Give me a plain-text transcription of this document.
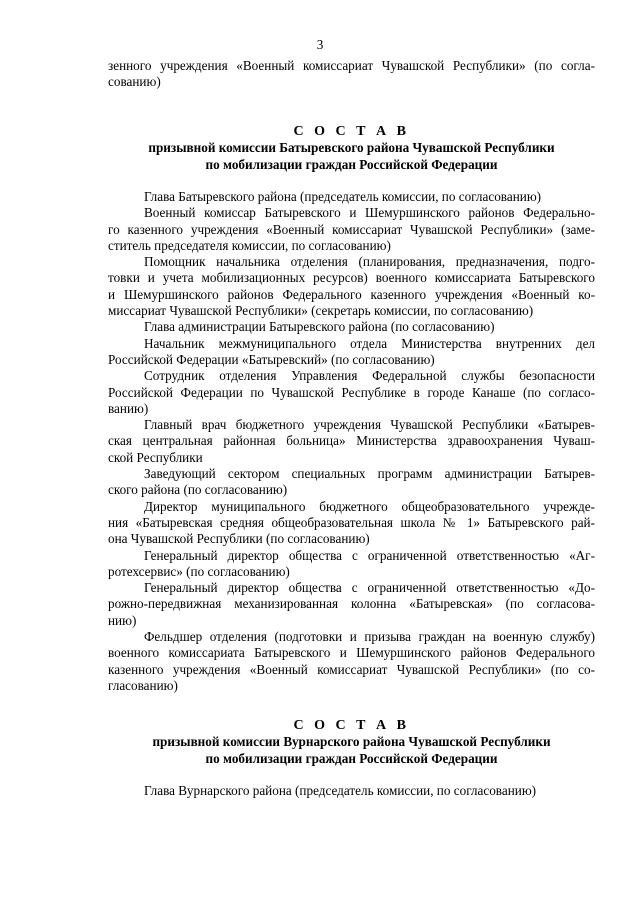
3
зенного учреждения «Военный комиссариат Чувашской Республики» (по согла-
сованию)
С О С Т А В
призывной комиссии Батыревского района Чувашской Республики
по мобилизации граждан Российской Федерации
Глава Батыревского района (председатель комиссии, по согласованию)
Военный комиссар Батыревского и Шемуршинского районов Федерально-
го казенного учреждения «Военный комиссариат Чувашской Республики» (заме-
ститель председателя комиссии, по согласованию)
Помощник начальника отделения (планирования, предназначения, подго-
товки и учета мобилизационных ресурсов) военного комиссариата Батыревского
и Шемуршинского районов Федерального казенного учреждения «Военный ко-
миссариат Чувашской Республики» (секретарь комиссии, по согласованию)
Глава администрации Батыревского района (по согласованию)
Начальник межмуниципального отдела Министерства внутренних дел
Российской Федерации «Батыревский» (по согласованию)
Сотрудник отделения Управления Федеральной службы безопасности
Российской Федерации по Чувашской Республике в городе Канаше (по согласо-
ванию)
Главный врач бюджетного учреждения Чувашской Республики «Батырев-
ская центральная районная больница» Министерства здравоохранения Чуваш-
ской Республики
Заведующий сектором специальных программ администрации Батырев-
ского района (по согласованию)
Директор муниципального бюджетного общеобразовательного учрежде-
ния «Батыревская средняя общеобразовательная школа № 1» Батыревского рай-
она Чувашской Республики (по согласованию)
Генеральный директор общества с ограниченной ответственностью «Аг-
ротехсервис» (по согласованию)
Генеральный директор общества с ограниченной ответственностью «До-
рожно-передвижная механизированная колонна «Батыревская» (по согласова-
нию)
Фельдшер отделения (подготовки и призыва граждан на военную службу)
военного комиссариата Батыревского и Шемуршинского районов Федерального
казенного учреждения «Военный комиссариат Чувашской Республики» (по со-
гласованию)
С О С Т А В
призывной комиссии Вурнарского района Чувашской Республики
по мобилизации граждан Российской Федерации
Глава Вурнарского района (председатель комиссии, по согласованию)
